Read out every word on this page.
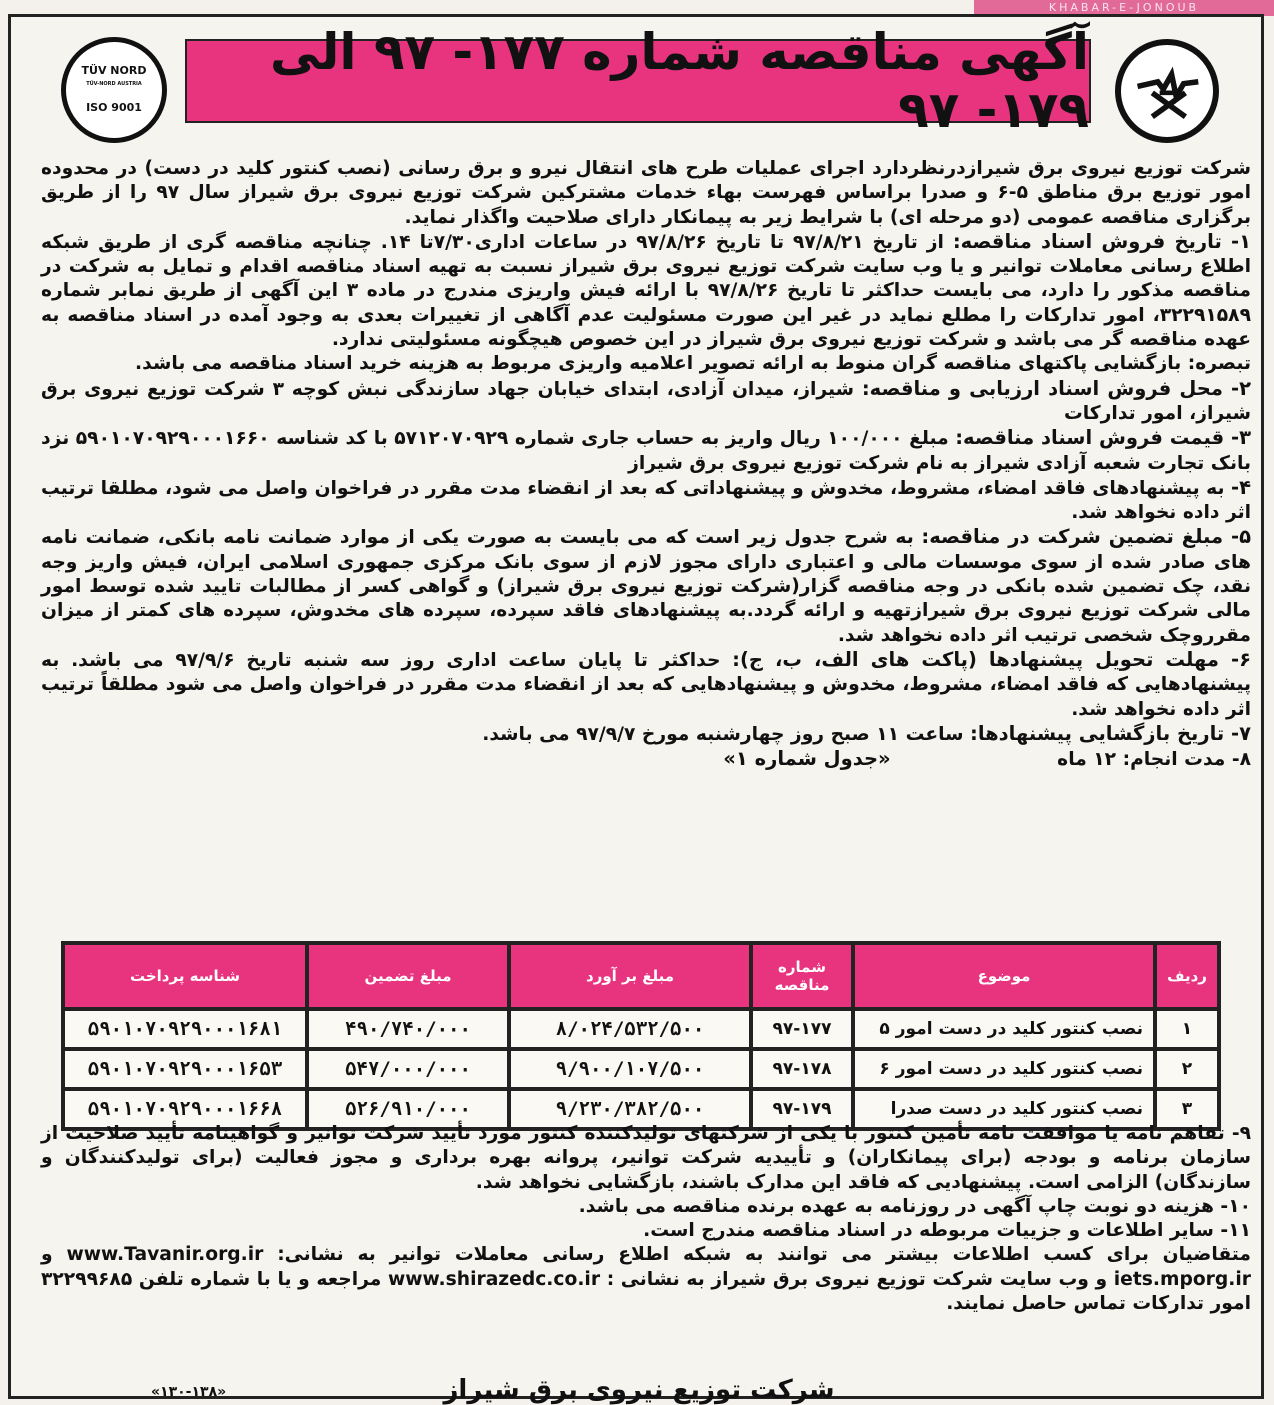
KHABAR-E-JONOUB
TÜV NORD
TÜV-NORD AUSTRIA
ISO 9001
آگهی مناقصه شماره ۱۷۷- ۹۷ الی ۱۷۹- ۹۷

شرکت توزیع نیروی برق شیرازدرنظردارد اجرای عملیات طرح های انتقال نیرو و برق رسانی (نصب کنتور کلید در دست) در محدوده امور توزیع برق مناطق ۵-۶ و صدرا براساس فهرست بهاء خدمات مشترکین شرکت توزیع نیروی برق شیراز سال ۹۷ را از طریق برگزاری مناقصه عمومی (دو مرحله ای) با شرایط زیر به پیمانکار دارای صلاحیت واگذار نماید.

۱- تاریخ فروش اسناد مناقصه: از تاریخ ۹۷/۸/۲۱ تا تاریخ ۹۷/۸/۲۶ در ساعات اداری۷/۳۰تا ۱۴. چنانچه مناقصه گری از طریق شبکه اطلاع رسانی معاملات توانیر و یا وب سایت شرکت توزیع نیروی برق شیراز نسبت به تهیه اسناد مناقصه اقدام و تمایل به شرکت در مناقصه مذکور را دارد، می بایست حداکثر تا تاریخ ۹۷/۸/۲۶ با ارائه فیش واریزی مندرج در ماده ۳ این آگهی از طریق نمابر شماره ۳۲۲۹۱۵۸۹، امور تدارکات را مطلع نماید در غیر این صورت مسئولیت عدم آگاهی از تغییرات بعدی به وجود آمده در اسناد مناقصه به عهده مناقصه گر می باشد و شرکت توزیع نیروی برق شیراز در این خصوص هیچگونه مسئولیتی ندارد.

تبصره: بازگشایی پاکتهای مناقصه گران منوط به ارائه تصویر اعلامیه واریزی مربوط به هزینه خرید اسناد مناقصه می باشد.

۲- محل فروش اسناد ارزیابی و مناقصه: شیراز، میدان آزادی، ابتدای خیابان جهاد سازندگی نبش کوچه ۳ شرکت توزیع نیروی برق شیراز، امور تدارکات

۳- قیمت فروش اسناد مناقصه: مبلغ ۱۰۰/۰۰۰ ریال واریز به حساب جاری شماره ۵۷۱۲۰۷۰۹۲۹ با کد شناسه ۵۹۰۱۰۷۰۹۲۹۰۰۰۱۶۶۰ نزد بانک تجارت شعبه آزادی شیراز به نام شرکت توزیع نیروی برق شیراز

۴- به پیشنهادهای فاقد امضاء، مشروط، مخدوش و پیشنهاداتی که بعد از انقضاء مدت مقرر در فراخوان واصل می شود، مطلقا ترتیب اثر داده نخواهد شد.

۵- مبلغ تضمین شرکت در مناقصه: به شرح جدول زیر است که می بایست به صورت یکی از موارد ضمانت نامه بانکی، ضمانت نامه های صادر شده از سوی موسسات مالی و اعتباری دارای مجوز لازم از سوی بانک مرکزی جمهوری اسلامی ایران، فیش واریز وجه نقد، چک تضمین شده بانکی در وجه مناقصه گزار(شرکت توزیع نیروی برق شیراز) و گواهی کسر از مطالبات تایید شده توسط امور مالی شرکت توزیع نیروی برق شیرازتهیه و ارائه گردد.به پیشنهادهای فاقد سپرده، سپرده های مخدوش، سپرده های کمتر از میزان مقرروچک شخصی ترتیب اثر داده نخواهد شد.

۶- مهلت تحویل پیشنهادها (پاکت های الف، ب، ج): حداکثر تا پایان ساعت اداری روز سه شنبه تاریخ ۹۷/۹/۶ می باشد. به پیشنهادهایی که فاقد امضاء، مشروط، مخدوش و پیشنهادهایی که بعد از انقضاء مدت مقرر در فراخوان واصل می شود مطلقاً ترتیب اثر داده نخواهد شد.

۷- تاریخ بازگشایی پیشنهادها: ساعت ۱۱ صبح روز چهارشنبه مورخ ۹۷/۹/۷ می باشد.

۸- مدت انجام: ۱۲ ماه «جدول شماره ۱»

ردیف	موضوع	شماره مناقصه	مبلغ بر آورد	مبلغ تضمین	شناسه پرداخت
۱	نصب کنتور کلید در دست امور ۵	۹۷-۱۷۷	۸/۰۲۴/۵۳۲/۵۰۰	۴۹۰/۷۴۰/۰۰۰	۵۹۰۱۰۷۰۹۲۹۰۰۰۱۶۸۱
۲	نصب کنتور کلید در دست امور ۶	۹۷-۱۷۸	۹/۹۰۰/۱۰۷/۵۰۰	۵۴۷/۰۰۰/۰۰۰	۵۹۰۱۰۷۰۹۲۹۰۰۰۱۶۵۳
۳	نصب کنتور کلید در دست صدرا	۹۷-۱۷۹	۹/۲۳۰/۳۸۲/۵۰۰	۵۲۶/۹۱۰/۰۰۰	۵۹۰۱۰۷۰۹۲۹۰۰۰۱۶۶۸

۹- تفاهم نامه یا موافقت نامه تأمین کنتور با یکی از شرکتهای تولیدکننده کنتور مورد تأیید شرکت توانیر و گواهینامه تأیید صلاحیت از سازمان برنامه و بودجه (برای پیمانکاران) و تأییدیه شرکت توانیر، پروانه بهره برداری و مجوز فعالیت (برای تولیدکنندگان و سازندگان) الزامی است. پیشنهادیی که فاقد این مدارک باشند، بازگشایی نخواهد شد.

۱۰- هزینه دو نوبت چاپ آگهی در روزنامه به عهده برنده مناقصه می باشد.

۱۱- سایر اطلاعات و جزییات مربوطه در اسناد مناقصه مندرج است.

متقاضیان برای کسب اطلاعات بیشتر می توانند به شبکه اطلاع رسانی معاملات توانیر به نشانی: www.Tavanir.org.ir و iets.mporg.ir و وب سایت شرکت توزیع نیروی برق شیراز به نشانی : www.shirazedc.co.ir مراجعه و یا با شماره تلفن ۳۲۲۹۹۶۸۵ امور تدارکات تماس حاصل نمایند.

شرکت توزیع نیروی برق شیراز
«۱۳۰-۱۳۸»
